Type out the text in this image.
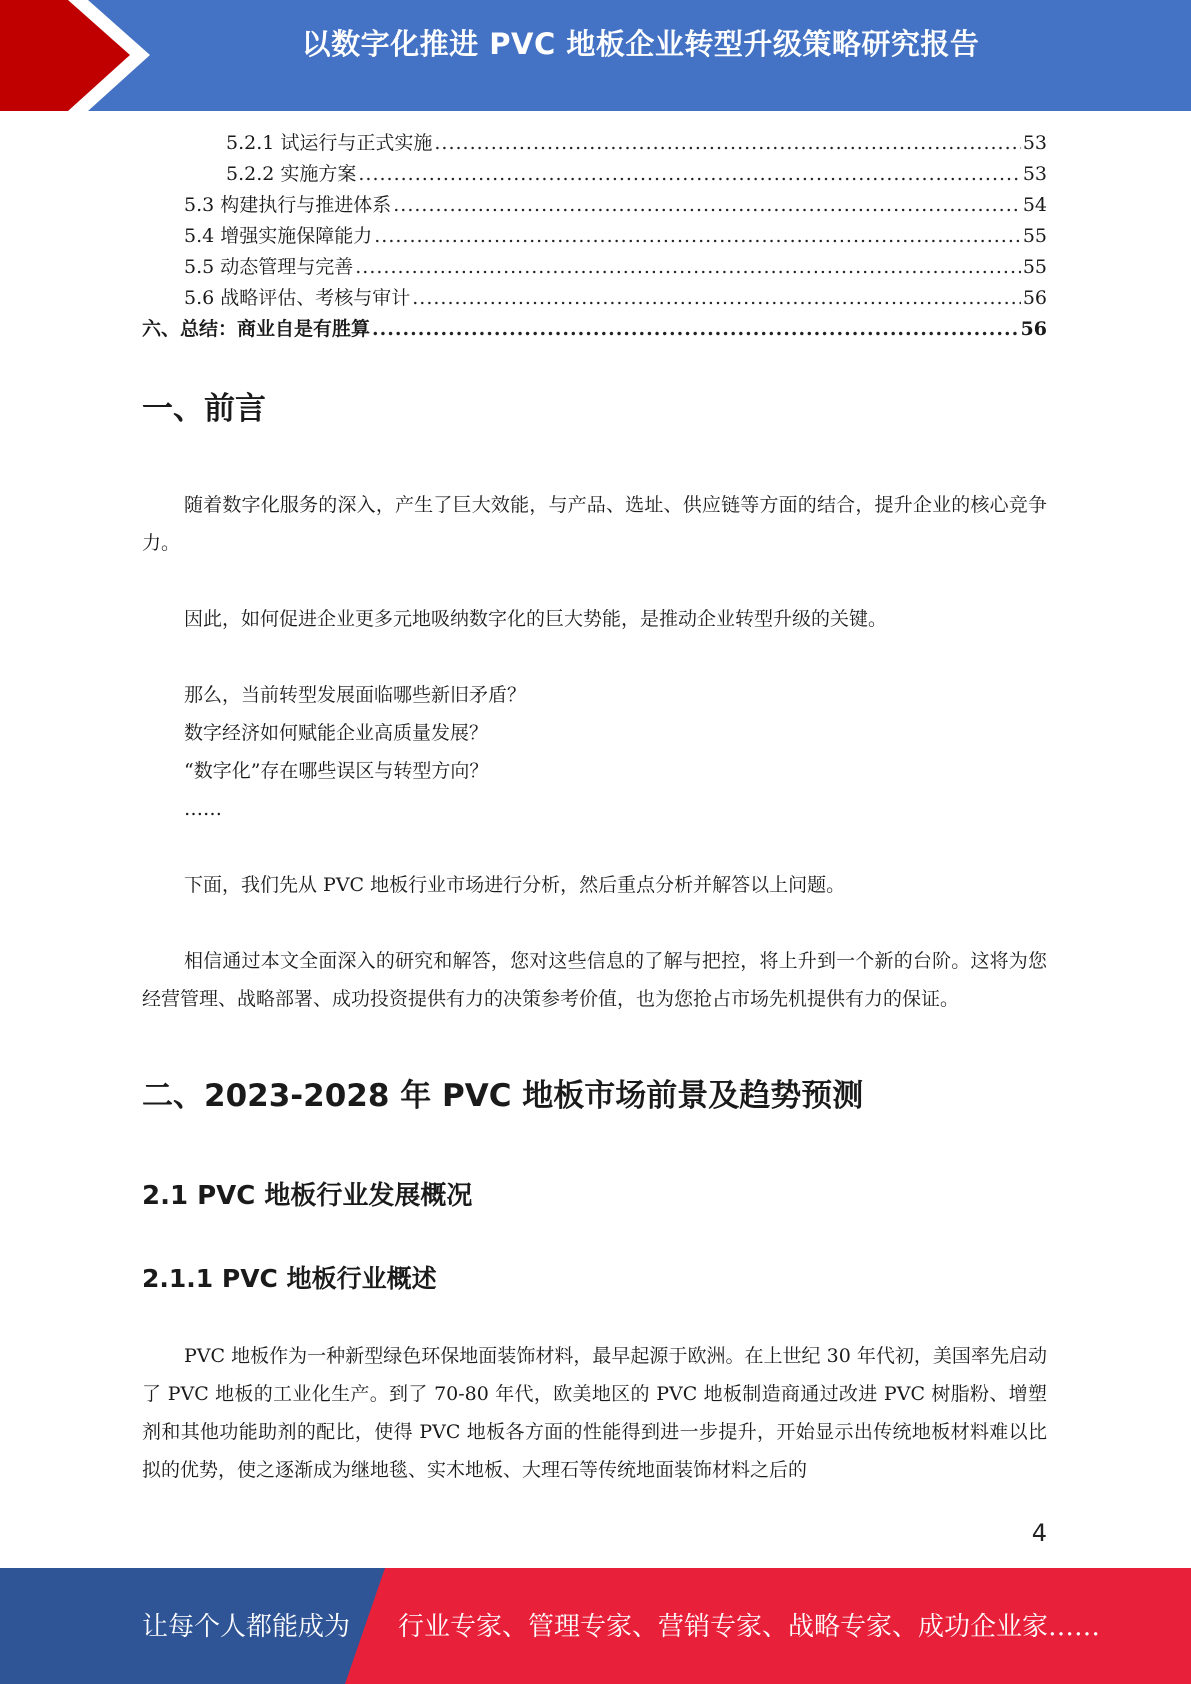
以数字化推进 PVC 地板企业转型升级策略研究报告
5.2.1 试运行与正式实施 .....	53
5.2.2 实施方案 .....	53
5.3 构建执行与推进体系 .....	54
5.4 增强实施保障能力 .....	55
5.5 动态管理与完善 .....	55
5.6 战略评估、考核与审计 .....	56
六、总结：商业自是有胜算 .....	56
一、前言

随着数字化服务的深入，产生了巨大效能，与产品、选址、供应链等方面的结合，提升企业的核心竞争力。

因此，如何促进企业更多元地吸纳数字化的巨大势能，是推动企业转型升级的关键。

那么，当前转型发展面临哪些新旧矛盾？

数字经济如何赋能企业高质量发展？

“数字化”存在哪些误区与转型方向？

……

下面，我们先从 PVC 地板行业市场进行分析，然后重点分析并解答以上问题。

相信通过本文全面深入的研究和解答，您对这些信息的了解与把控，将上升到一个新的台阶。这将为您经营管理、战略部署、成功投资提供有力的决策参考价值，也为您抢占市场先机提供有力的保证。

二、2023-2028 年 PVC 地板市场前景及趋势预测
2.1 PVC 地板行业发展概况
2.1.1 PVC 地板行业概述

PVC 地板作为一种新型绿色环保地面装饰材料，最早起源于欧洲。在上世纪 30 年代初，美国率先启动了 PVC 地板的工业化生产。到了 70-80 年代，欧美地区的 PVC 地板制造商通过改进 PVC 树脂粉、增塑剂和其他功能助剂的配比，使得 PVC 地板各方面的性能得到进一步提升，开始显示出传统地板材料难以比拟的优势，使之逐渐成为继地毯、实木地板、大理石等传统地面装饰材料之后的

4
让每个人都能成为 行业专家、管理专家、营销专家、战略专家、成功企业家……
